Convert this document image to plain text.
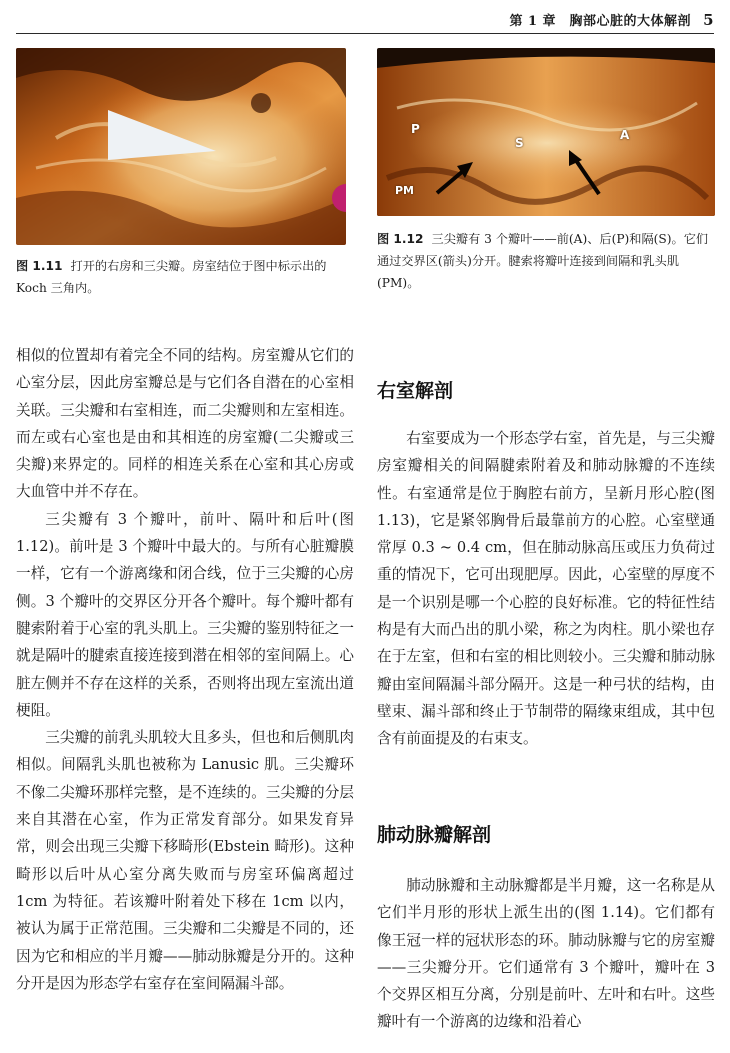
第 1 章　胸部心脏的大体解剖 5
P
S
A
PM
图 1.11 打开的右房和三尖瓣。房室结位于图中标示出的 Koch 三角内。
图 1.12 三尖瓣有 3 个瓣叶——前(A)、后(P)和隔(S)。它们通过交界区(箭头)分开。腱索将瓣叶连接到间隔和乳头肌(PM)。

相似的位置却有着完全不同的结构。房室瓣从它们的心室分层，因此房室瓣总是与它们各自潜在的心室相关联。三尖瓣和右室相连，而二尖瓣则和左室相连。而左或右心室也是由和其相连的房室瓣(二尖瓣或三尖瓣)来界定的。同样的相连关系在心室和其心房或大血管中并不存在。

三尖瓣有 3 个瓣叶，前叶、隔叶和后叶(图 1.12)。前叶是 3 个瓣叶中最大的。与所有心脏瓣膜一样，它有一个游离缘和闭合线，位于三尖瓣的心房侧。3 个瓣叶的交界区分开各个瓣叶。每个瓣叶都有腱索附着于心室的乳头肌上。三尖瓣的鉴别特征之一就是隔叶的腱索直接连接到潜在相邻的室间隔上。心脏左侧并不存在这样的关系，否则将出现左室流出道梗阻。

三尖瓣的前乳头肌较大且多头，但也和后侧肌肉相似。间隔乳头肌也被称为 Lanusic 肌。三尖瓣环不像二尖瓣环那样完整，是不连续的。三尖瓣的分层来自其潜在心室，作为正常发育部分。如果发育异常，则会出现三尖瓣下移畸形(Ebstein 畸形)。这种畸形以后叶从心室分离失败而与房室环偏离超过 1cm 为特征。若该瓣叶附着处下移在 1cm 以内，被认为属于正常范围。三尖瓣和二尖瓣是不同的，还因为它和相应的半月瓣——肺动脉瓣是分开的。这种分开是因为形态学右室存在室间隔漏斗部。

右室解剖

右室要成为一个形态学右室，首先是，与三尖瓣房室瓣相关的间隔腱索附着及和肺动脉瓣的不连续性。右室通常是位于胸腔右前方，呈新月形心腔(图 1.13)，它是紧邻胸骨后最靠前方的心腔。心室壁通常厚 0.3 ~ 0.4 cm，但在肺动脉高压或压力负荷过重的情况下，它可出现肥厚。因此，心室壁的厚度不是一个识别是哪一个心腔的良好标准。它的特征性结构是有大而凸出的肌小梁，称之为肉柱。肌小梁也存在于左室，但和右室的相比则较小。三尖瓣和肺动脉瓣由室间隔漏斗部分隔开。这是一种弓状的结构，由壁束、漏斗部和终止于节制带的隔缘束组成，其中包含有前面提及的右束支。

肺动脉瓣解剖

肺动脉瓣和主动脉瓣都是半月瓣，这一名称是从它们半月形的形状上派生出的(图 1.14)。它们都有像王冠一样的冠状形态的环。肺动脉瓣与它的房室瓣——三尖瓣分开。它们通常有 3 个瓣叶，瓣叶在 3 个交界区相互分离，分别是前叶、左叶和右叶。这些瓣叶有一个游离的边缘和沿着心
